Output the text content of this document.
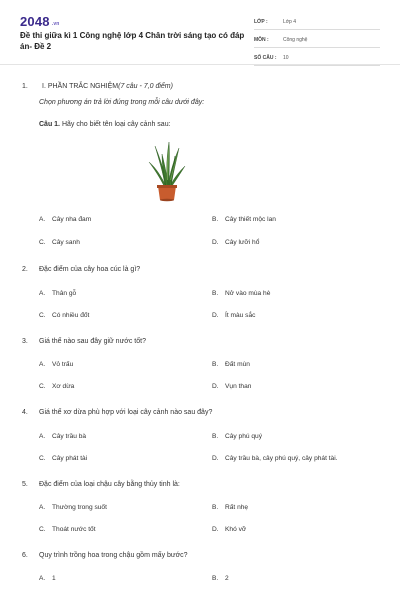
2048 .vn
Đề thi giữa kì 1 Công nghệ lớp 4 Chân trời sáng tạo có đáp án- Đề 2
LỚP :	Lớp 4
MÔN :	Công nghệ
SỐ CÂU :	10
1. I. PHẦN TRẮC NGHIỆM(7 câu - 7,0 điểm)
Chọn phương án trả lời đúng trong mỗi câu dưới đây:
Câu 1. Hãy cho biết tên loại cây cảnh sau:
A. Cây nha đam	B. Cây thiết mộc lan
C. Cây sanh	D. Cây lưỡi hổ
2. Đặc điểm của cây hoa cúc là gì?
A. Thân gỗ	B. Nở vào mùa hè
C. Có nhiều đốt	D. Ít màu sắc
3. Giá thể nào sau đây giữ nước tốt?
A. Vỏ trấu	B. Đất mùn
C. Xơ dừa	D. Vụn than
4. Giá thể xơ dừa phù hợp với loại cây cảnh nào sau đây?
A. Cây trầu bà	B. Cây phú quý
C. Cây phát tài	D. Cây trầu bà, cây phú quý, cây phát tài.
5. Đặc điểm của loại chậu cây bằng thủy tinh là:
A. Thường trong suốt	B. Rất nhẹ
C. Thoát nước tốt	D. Khó vỡ
6. Quy trình trồng hoa trong chậu gồm mấy bước?
A. 1	B. 2
